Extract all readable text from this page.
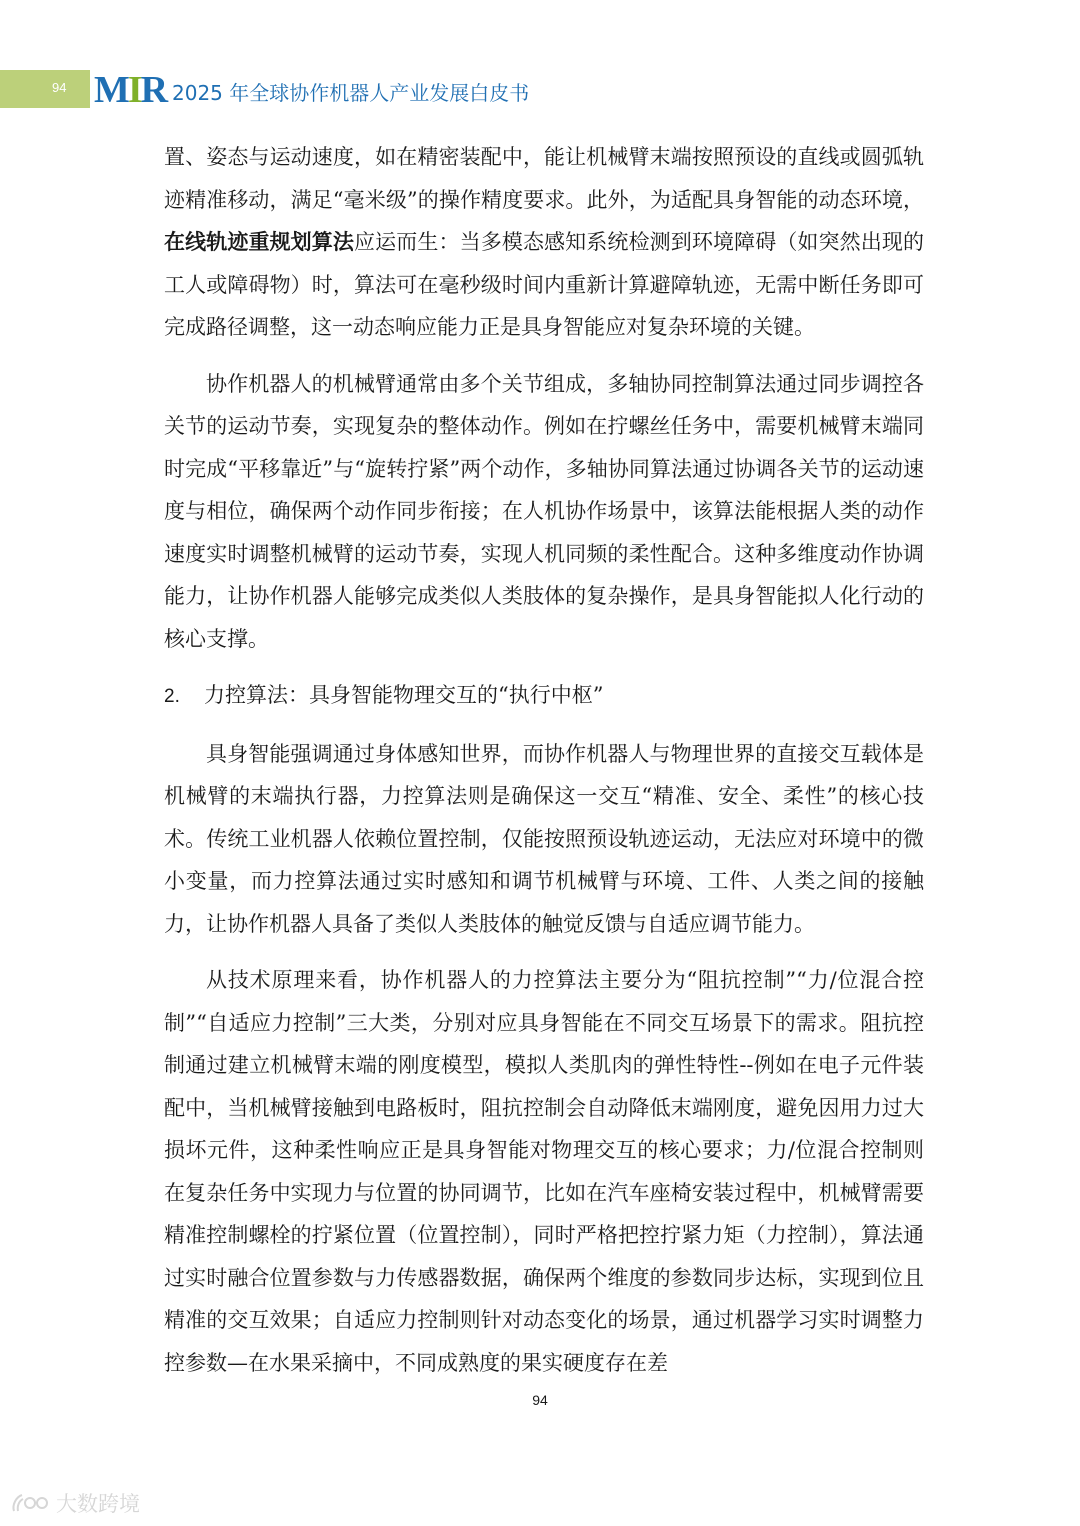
94 MIR 2025 年全球协作机器人产业发展白皮书

置、姿态与运动速度，如在精密装配中，能让机械臂末端按照预设的直线或圆弧轨迹精准移动，满足“毫米级”的操作精度要求。此外，为适配具身智能的动态环境，在线轨迹重规划算法应运而生：当多模态感知系统检测到环境障碍（如突然出现的工人或障碍物）时，算法可在毫秒级时间内重新计算避障轨迹，无需中断任务即可完成路径调整，这一动态响应能力正是具身智能应对复杂环境的关键。

协作机器人的机械臂通常由多个关节组成，多轴协同控制算法通过同步调控各关节的运动节奏，实现复杂的整体动作。例如在拧螺丝任务中，需要机械臂末端同时完成“平移靠近”与“旋转拧紧”两个动作，多轴协同算法通过协调各关节的运动速度与相位，确保两个动作同步衔接；在人机协作场景中，该算法能根据人类的动作速度实时调整机械臂的运动节奏，实现人机同频的柔性配合。这种多维度动作协调能力，让协作机器人能够完成类似人类肢体的复杂操作，是具身智能拟人化行动的核心支撑。

2. 力控算法：具身智能物理交互的“执行中枢”

具身智能强调通过身体感知世界，而协作机器人与物理世界的直接交互载体是机械臂的末端执行器，力控算法则是确保这一交互“精准、安全、柔性”的核心技术。传统工业机器人依赖位置控制，仅能按照预设轨迹运动，无法应对环境中的微小变量，而力控算法通过实时感知和调节机械臂与环境、工件、人类之间的接触力，让协作机器人具备了类似人类肢体的触觉反馈与自适应调节能力。

从技术原理来看，协作机器人的力控算法主要分为“阻抗控制”“力/位混合控制”“自适应力控制”三大类，分别对应具身智能在不同交互场景下的需求。阻抗控制通过建立机械臂末端的刚度模型，模拟人类肌肉的弹性特性--例如在电子元件装配中，当机械臂接触到电路板时，阻抗控制会自动降低末端刚度，避免因用力过大损坏元件，这种柔性响应正是具身智能对物理交互的核心要求；力/位混合控制则在复杂任务中实现力与位置的协同调节，比如在汽车座椅安装过程中，机械臂需要精准控制螺栓的拧紧位置（位置控制），同时严格把控拧紧力矩（力控制），算法通过实时融合位置参数与力传感器数据，确保两个维度的参数同步达标，实现到位且精准的交互效果；自适应力控制则针对动态变化的场景，通过机器学习实时调整力控参数—在水果采摘中，不同成熟度的果实硬度存在差

94
大数跨境
